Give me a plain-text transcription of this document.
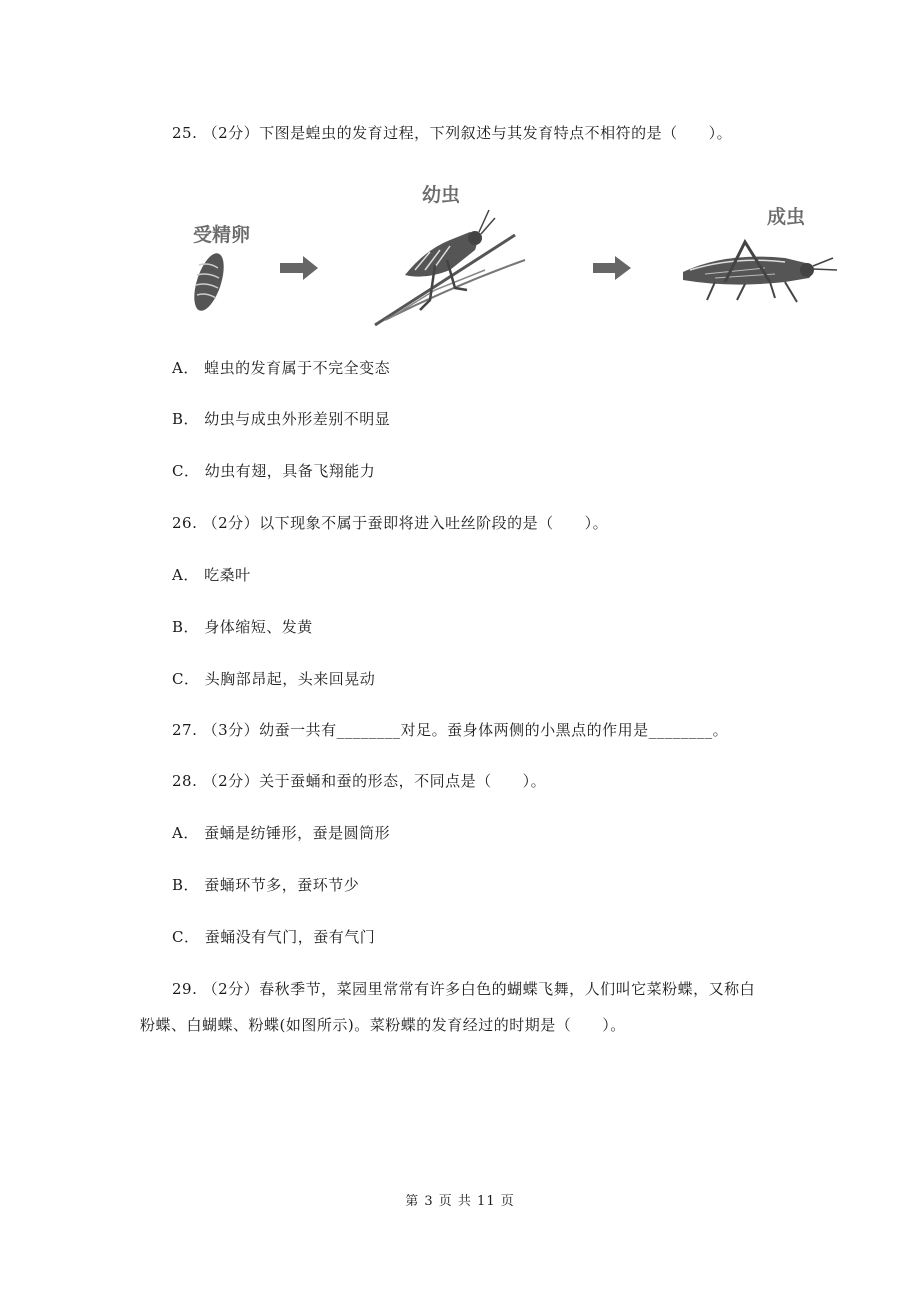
25. （2分）下图是蝗虫的发育过程，下列叙述与其发育特点不相符的是（　　）。
受精卵
幼虫
成虫
A． 蝗虫的发育属于不完全变态
B． 幼虫与成虫外形差别不明显
C． 幼虫有翅，具备飞翔能力
26. （2分）以下现象不属于蚕即将进入吐丝阶段的是（　　）。
A． 吃桑叶
B． 身体缩短、发黄
C． 头胸部昂起，头来回晃动
27. （3分）幼蚕一共有________对足。蚕身体两侧的小黑点的作用是________。
28. （2分）关于蚕蛹和蚕的形态，不同点是（　　）。
A． 蚕蛹是纺锤形，蚕是圆筒形
B． 蚕蛹环节多，蚕环节少
C． 蚕蛹没有气门，蚕有气门
29. （2分）春秋季节，菜园里常常有许多白色的蝴蝶飞舞，人们叫它菜粉蝶，又称白
粉蝶、白蝴蝶、粉蝶(如图所示)。菜粉蝶的发育经过的时期是（　　）。
第 3 页 共 11 页
